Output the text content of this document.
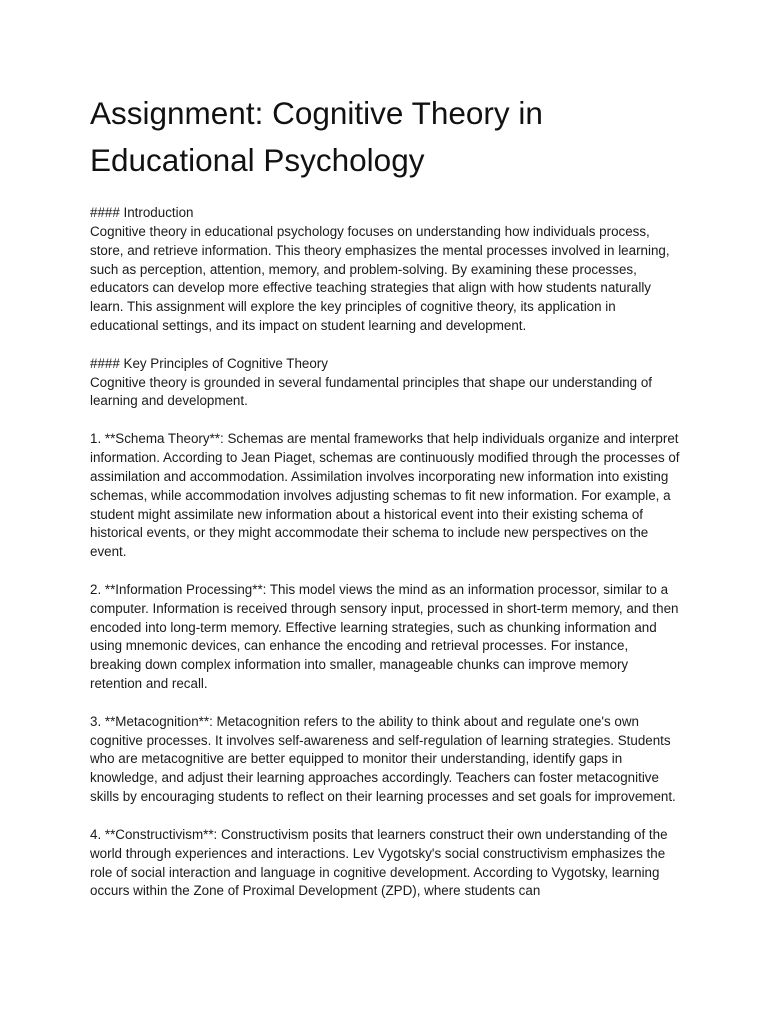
Assignment: Cognitive Theory in Educational Psychology

#### Introduction

Cognitive theory in educational psychology focuses on understanding how individuals process, store, and retrieve information. This theory emphasizes the mental processes involved in learning, such as perception, attention, memory, and problem-solving. By examining these processes, educators can develop more effective teaching strategies that align with how students naturally learn. This assignment will explore the key principles of cognitive theory, its application in educational settings, and its impact on student learning and development.

#### Key Principles of Cognitive Theory

Cognitive theory is grounded in several fundamental principles that shape our understanding of learning and development.

1. **Schema Theory**: Schemas are mental frameworks that help individuals organize and interpret information. According to Jean Piaget, schemas are continuously modified through the processes of assimilation and accommodation. Assimilation involves incorporating new information into existing schemas, while accommodation involves adjusting schemas to fit new information. For example, a student might assimilate new information about a historical event into their existing schema of historical events, or they might accommodate their schema to include new perspectives on the event.

2. **Information Processing**: This model views the mind as an information processor, similar to a computer. Information is received through sensory input, processed in short-term memory, and then encoded into long-term memory. Effective learning strategies, such as chunking information and using mnemonic devices, can enhance the encoding and retrieval processes. For instance, breaking down complex information into smaller, manageable chunks can improve memory retention and recall.

3. **Metacognition**: Metacognition refers to the ability to think about and regulate one's own cognitive processes. It involves self-awareness and self-regulation of learning strategies. Students who are metacognitive are better equipped to monitor their understanding, identify gaps in knowledge, and adjust their learning approaches accordingly. Teachers can foster metacognitive skills by encouraging students to reflect on their learning processes and set goals for improvement.

4. **Constructivism**: Constructivism posits that learners construct their own understanding of the world through experiences and interactions. Lev Vygotsky's social constructivism emphasizes the role of social interaction and language in cognitive development. According to Vygotsky, learning occurs within the Zone of Proximal Development (ZPD), where students can
